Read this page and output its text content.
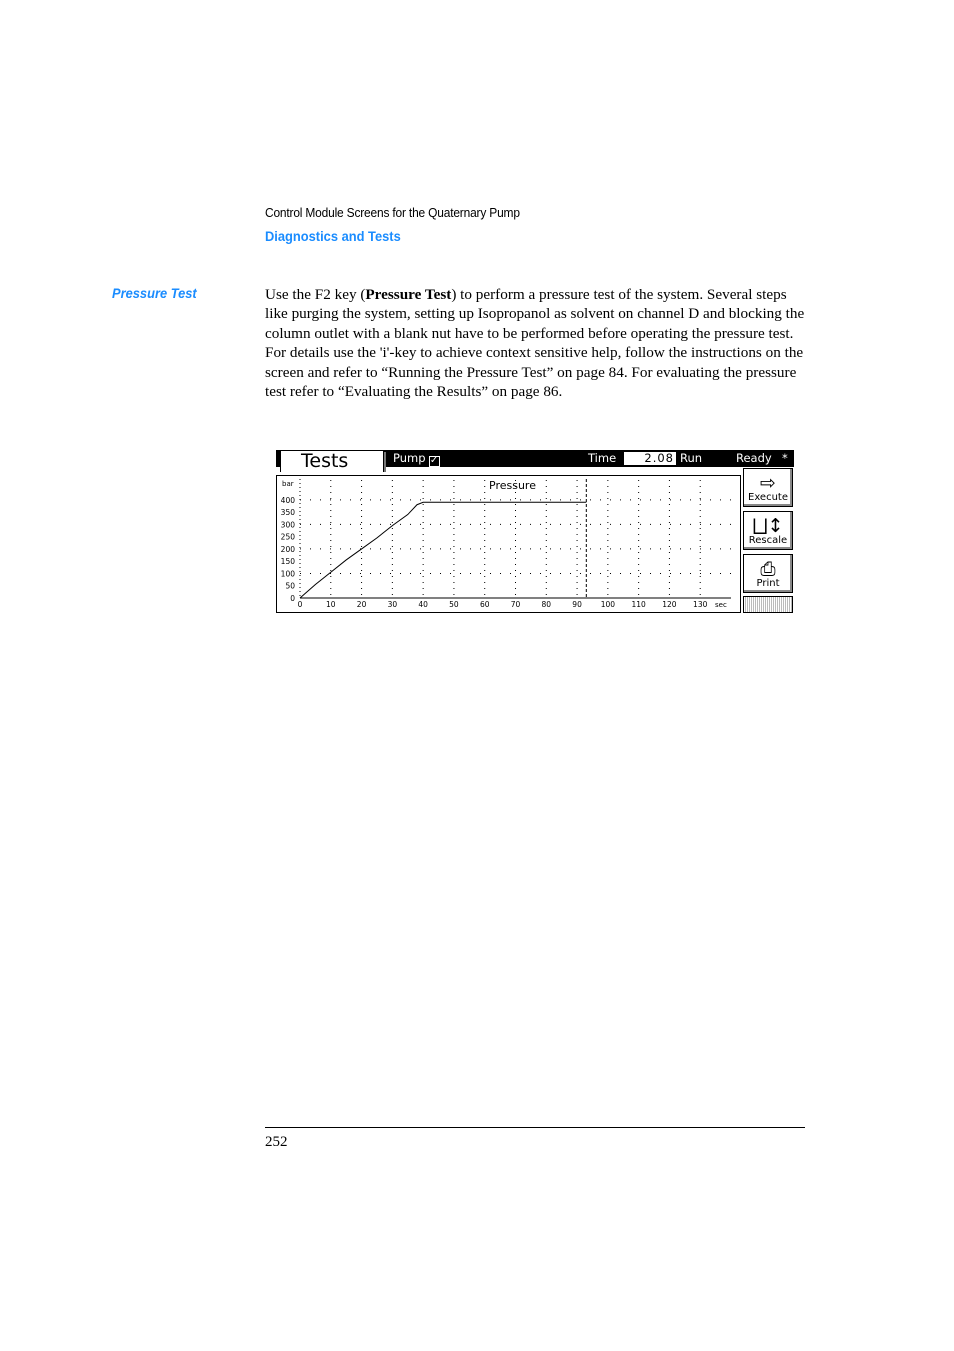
Control Module Screens for the Quaternary Pump
Diagnostics and Tests
Pressure Test	Use the F2 key (Pressure Test) to perform a pressure test of the system. Several steps like purging the system, setting up Isopropanol as solvent on channel D and blocking the column outlet with a blank nut have to be performed before operating the pressure test. For details use the 'i'-key to achieve context sensitive help, follow the instructions on the screen and refer to “Running the Pressure Test” on page 84. For evaluating the pressure test refer to “Evaluating the Results” on page 86.
Pump ✓	Time	2.08 Run	Ready *
Tests
0
50
100
150
200
250
300
350
400
0	10	20	30	40	50	60	70	80	90	100 110 120 130
bar
sec
Pressure	⇨
Execute
⨆↕
Rescale
⎙
Print
252
